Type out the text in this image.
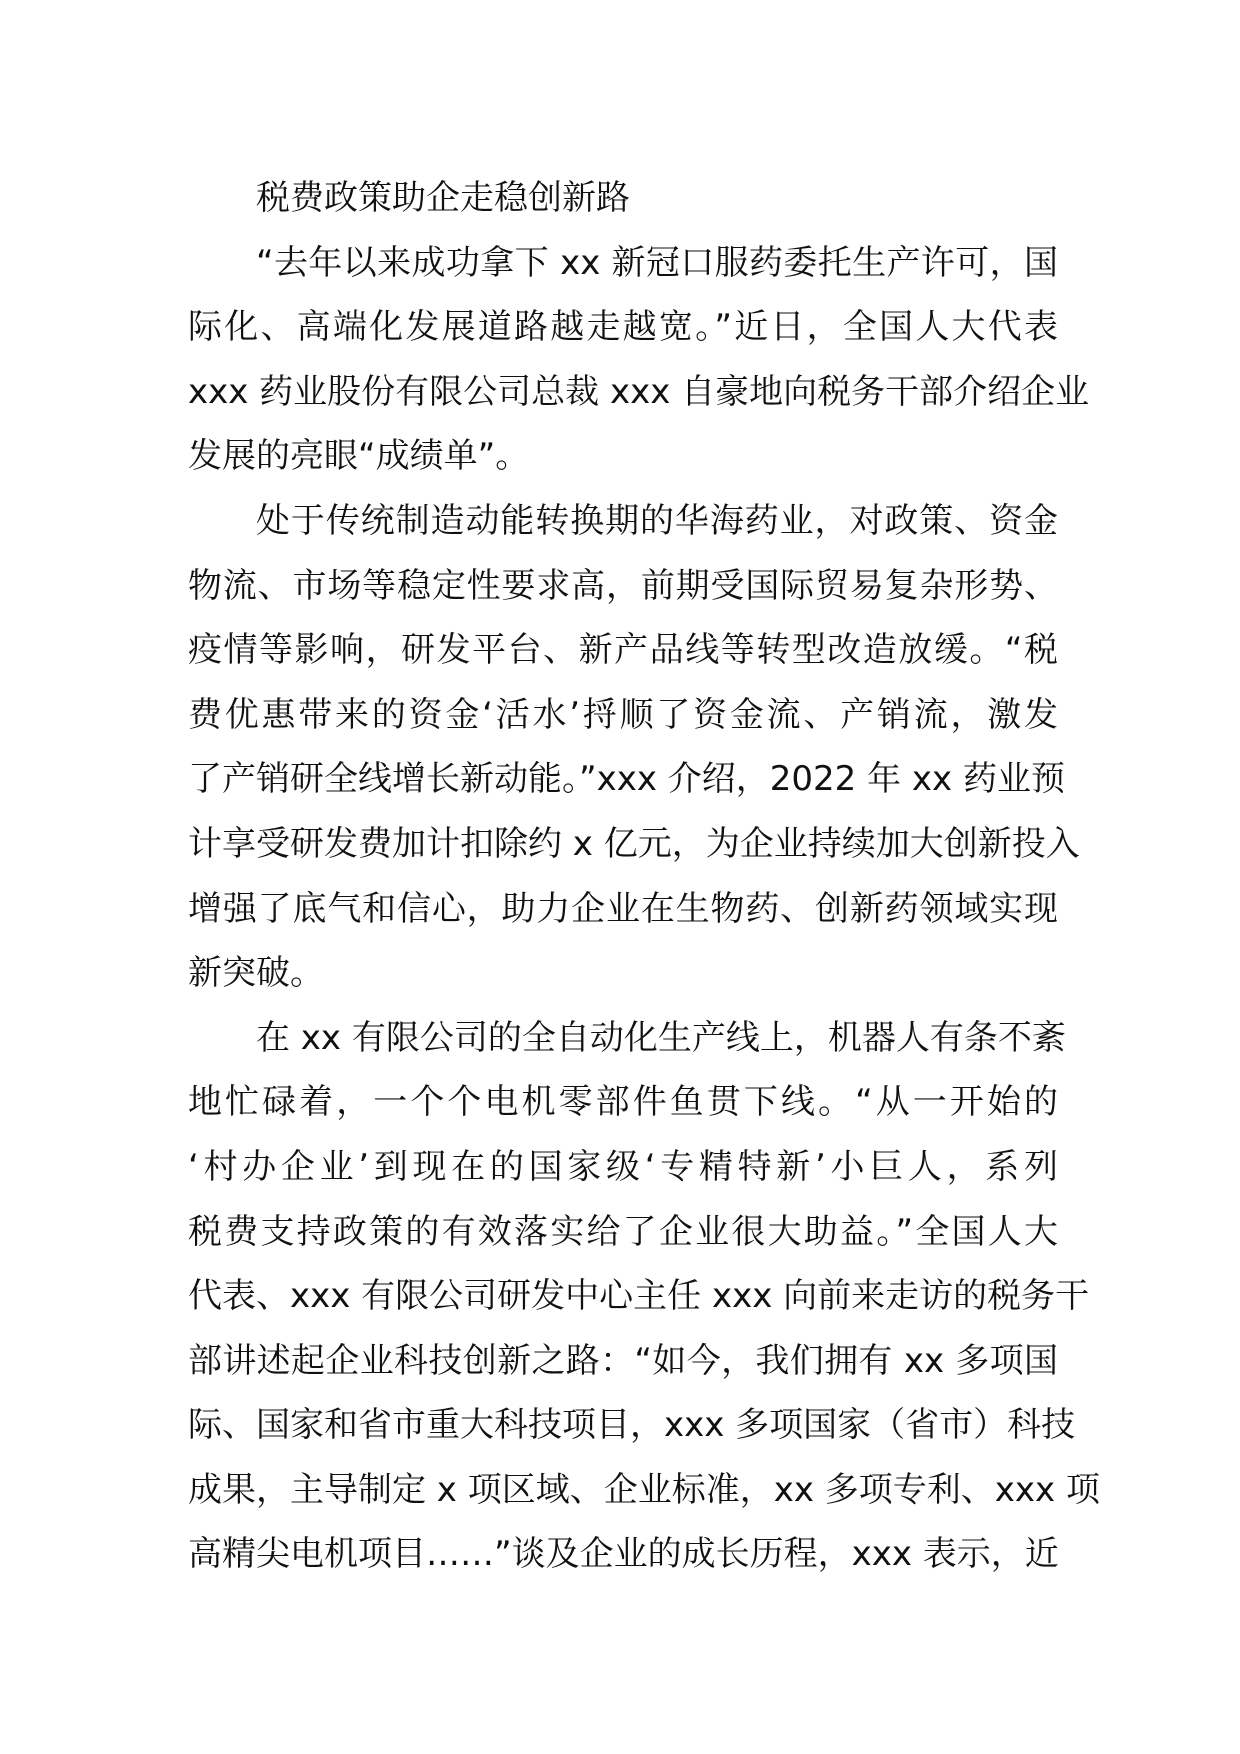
税费政策助企走稳创新路

“去年以来成功拿下 xx 新冠口服药委托生产许可，国
际化、高端化发展道路越走越宽。”近日，全国人大代表
xxx 药业股份有限公司总裁 xxx 自豪地向税务干部介绍企业
发展的亮眼“成绩单”。

处于传统制造动能转换期的华海药业，对政策、资金
物流、市场等稳定性要求高，前期受国际贸易复杂形势、
疫情等影响，研发平台、新产品线等转型改造放缓。“税
费优惠带来的资金‘活水’捋顺了资金流、产销流，激发
了产销研全线增长新动能。”xxx 介绍，2022 年 xx 药业预
计享受研发费加计扣除约 x 亿元，为企业持续加大创新投入
增强了底气和信心，助力企业在生物药、创新药领域实现
新突破。

在 xx 有限公司的全自动化生产线上，机器人有条不紊
地忙碌着，一个个电机零部件鱼贯下线。“从一开始的
‘村办企业’到现在的国家级‘专精特新’小巨人，系列
税费支持政策的有效落实给了企业很大助益。”全国人大
代表、xxx 有限公司研发中心主任 xxx 向前来走访的税务干
部讲述起企业科技创新之路：“如今，我们拥有 xx 多项国
际、国家和省市重大科技项目，xxx 多项国家（省市）科技
成果，主导制定 x 项区域、企业标准，xx 多项专利、xxx 项
高精尖电机项目……”谈及企业的成长历程，xxx 表示，近
